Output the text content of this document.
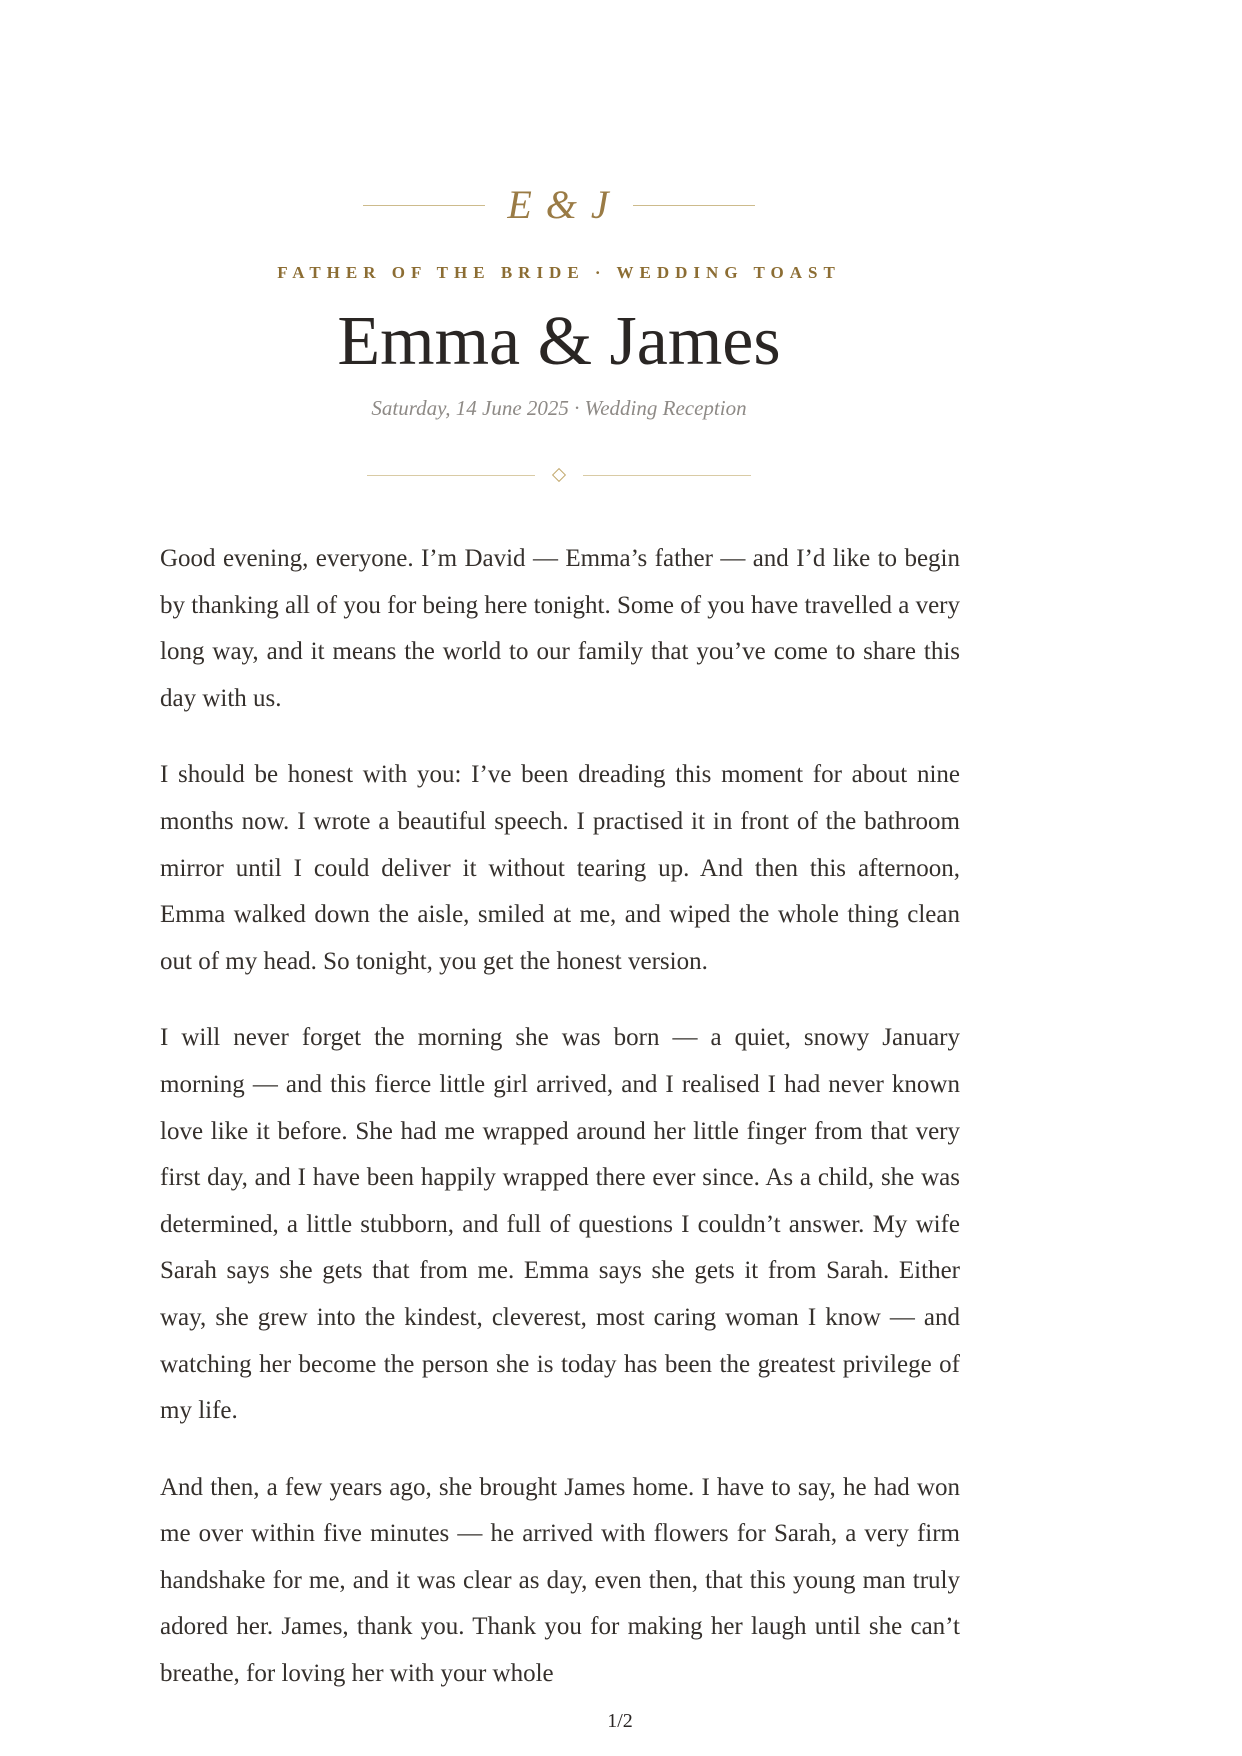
E & J
FATHER OF THE BRIDE · WEDDING TOAST
Emma & James
Saturday, 14 June 2025 · Wedding Reception

Good evening, everyone. I’m David — Emma’s father — and I’d like to begin by thanking all of you for being here tonight. Some of you have travelled a very long way, and it means the world to our family that you’ve come to share this day with us.

I should be honest with you: I’ve been dreading this moment for about nine months now. I wrote a beautiful speech. I practised it in front of the bathroom mirror until I could deliver it without tearing up. And then this afternoon, Emma walked down the aisle, smiled at me, and wiped the whole thing clean out of my head. So tonight, you get the honest version.

I will never forget the morning she was born — a quiet, snowy January morning — and this fierce little girl arrived, and I realised I had never known love like it before. She had me wrapped around her little finger from that very first day, and I have been happily wrapped there ever since. As a child, she was determined, a little stubborn, and full of questions I couldn’t answer. My wife Sarah says she gets that from me. Emma says she gets it from Sarah. Either way, she grew into the kindest, cleverest, most caring woman I know — and watching her become the person she is today has been the greatest privilege of my life.

And then, a few years ago, she brought James home. I have to say, he had won me over within five minutes — he arrived with flowers for Sarah, a very firm handshake for me, and it was clear as day, even then, that this young man truly adored her. James, thank you. Thank you for making her laugh until she can’t breathe, for loving her with your whole

1/2
